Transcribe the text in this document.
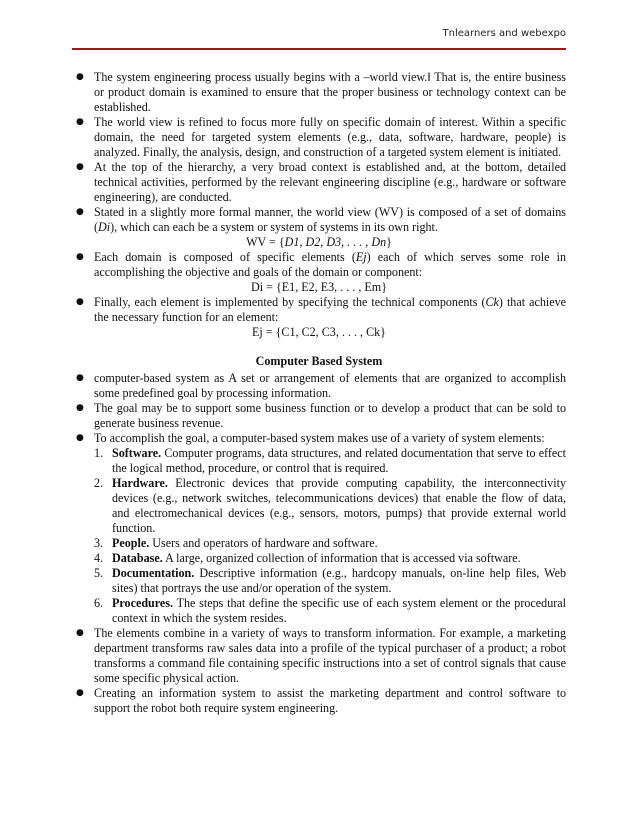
Tnlearners and webexpo
● The system engineering process usually begins with a –world view.‖ That is, the entire business or product domain is examined to ensure that the proper business or technology context can be established.
● The world view is refined to focus more fully on specific domain of interest. Within a specific domain, the need for targeted system elements (e.g., data, software, hardware, people) is analyzed. Finally, the analysis, design, and construction of a targeted system element is initiated.
● At the top of the hierarchy, a very broad context is established and, at the bottom, detailed technical activities, performed by the relevant engineering discipline (e.g., hardware or software engineering), are conducted.
● Stated in a slightly more formal manner, the world view (WV) is composed of a set of domains (Di), which can each be a system or system of systems in its own right.
WV = {D1, D2, D3, . . . , Dn}
● Each domain is composed of specific elements (Ej) each of which serves some role in accomplishing the objective and goals of the domain or component:
Di = {E1, E2, E3, . . . , Em}
● Finally, each element is implemented by specifying the technical components (Ck) that achieve the necessary function for an element:
Ej = {C1, C2, C3, . . . , Ck}
Computer Based System
● computer-based system as A set or arrangement of elements that are organized to accomplish some predefined goal by processing information.
● The goal may be to support some business function or to develop a product that can be sold to generate business revenue.
● To accomplish the goal, a computer-based system makes use of a variety of system elements:
1. Software. Computer programs, data structures, and related documentation that serve to effect the logical method, procedure, or control that is required.
2. Hardware. Electronic devices that provide computing capability, the interconnectivity devices (e.g., network switches, telecommunications devices) that enable the flow of data, and electromechanical devices (e.g., sensors, motors, pumps) that provide external world function.
3. People. Users and operators of hardware and software.
4. Database. A large, organized collection of information that is accessed via software.
5. Documentation. Descriptive information (e.g., hardcopy manuals, on-line help files, Web sites) that portrays the use and/or operation of the system.
6. Procedures. The steps that define the specific use of each system element or the procedural context in which the system resides.
● The elements combine in a variety of ways to transform information. For example, a marketing department transforms raw sales data into a profile of the typical purchaser of a product; a robot transforms a command file containing specific instructions into a set of control signals that cause some specific physical action.
● Creating an information system to assist the marketing department and control software to support the robot both require system engineering.
